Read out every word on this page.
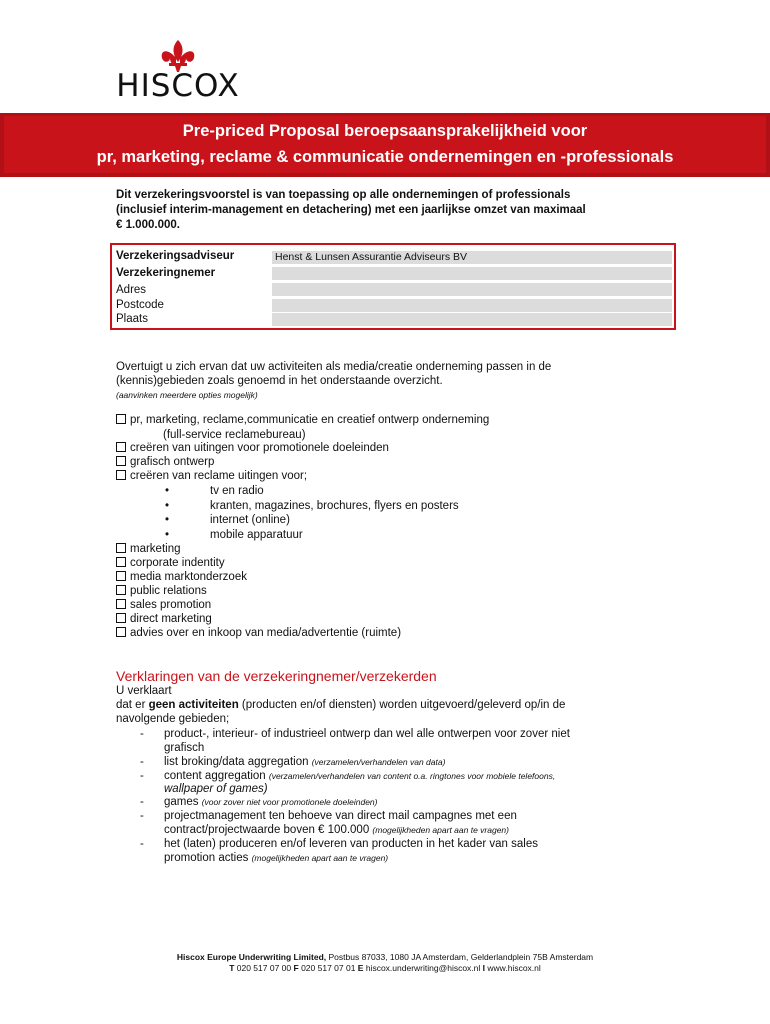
HISCOX
Pre-priced Proposal beroepsaansprakelijkheid voor
pr, marketing, reclame & communicatie ondernemingen en -professionals
Dit verzekeringsvoorstel is van toepassing op alle ondernemingen of professionals
(inclusief interim-management en detachering) met een jaarlijkse omzet van maximaal
€ 1.000.000.
Verzekeringsadviseur	Henst & Lunsen Assurantie Adviseurs BV
Verzekeringnemer
Adres
Postcode
Plaats
Overtuigt u zich ervan dat uw activiteiten als media/creatie onderneming passen in de
(kennis)gebieden zoals genoemd in het onderstaande overzicht.
(aanvinken meerdere opties mogelijk)
pr, marketing, reclame,communicatie en creatief ontwerp onderneming
(full-service reclamebureau)
creëren van uitingen voor promotionele doeleinden
grafisch ontwerp
creëren van reclame uitingen voor;
•	tv en radio
•	kranten, magazines, brochures, flyers en posters
•	internet (online)
•	mobile apparatuur
marketing
corporate indentity
media marktonderzoek
public relations
sales promotion
direct marketing
advies over en inkoop van media/advertentie (ruimte)
Verklaringen van de verzekeringnemer/verzekerden
U verklaart
dat er geen activiteiten (producten en/of diensten) worden uitgevoerd/geleverd op/in de
navolgende gebieden;
- product-, interieur- of industrieel ontwerp dan wel alle ontwerpen voor zover niet
grafisch
- list broking/data aggregation (verzamelen/verhandelen van data)
- content aggregation (verzamelen/verhandelen van content o.a. ringtones voor mobiele telefoons,
wallpaper of games)
- games (voor zover niet voor promotionele doeleinden)
- projectmanagement ten behoeve van direct mail campagnes met een
contract/projectwaarde boven € 100.000 (mogelijkheden apart aan te vragen)
- het (laten) produceren en/of leveren van producten in het kader van sales
promotion acties (mogelijkheden apart aan te vragen)
Hiscox Europe Underwriting Limited, Postbus 87033, 1080 JA Amsterdam, Gelderlandplein 75B Amsterdam
T 020 517 07 00 F 020 517 07 01 E hiscox.underwriting@hiscox.nl I www.hiscox.nl
